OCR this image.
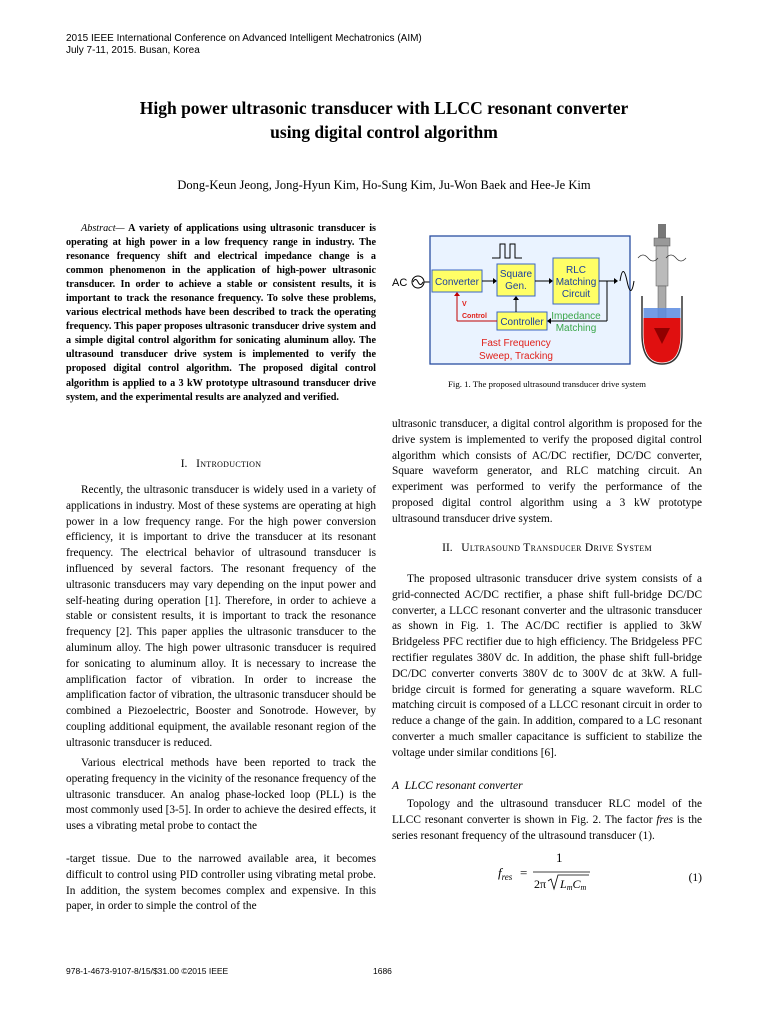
2015 IEEE International Conference on Advanced Intelligent Mechatronics (AIM)
July 7-11, 2015. Busan, Korea
High power ultrasonic transducer with LLCC resonant converter
using digital control algorithm
Dong-Keun Jeong, Jong-Hyun Kim, Ho-Sung Kim, Ju-Won Baek and Hee-Je Kim

Abstract— A variety of applications using ultrasonic transducer is operating at high power in a low frequency range in industry. The resonance frequency shift and electrical impedance change is a common phenomenon in the application of high-power ultrasonic transducer. In order to achieve a stable or consistent results, it is important to track the resonance frequency. To solve these problems, various electrical methods have been described to track the operating frequency. This paper proposes ultrasonic transducer drive system and a simple digital control algorithm for sonicating aluminum alloy. The ultrasound transducer drive system is implemented to verify the proposed digital control algorithm. The proposed digital control algorithm is applied to a 3 kW prototype ultrasound transducer drive system, and the experimental results are analyzed and verified.

I. Introduction

Recently, the ultrasonic transducer is widely used in a variety of applications in industry. Most of these systems are operating at high power in a low frequency range. For the high power conversion efficiency, it is important to drive the transducer at its resonant frequency. The electrical behavior of ultrasound transducer is influenced by several factors. The resonant frequency of the ultrasonic transducers may vary depending on the input power and self-heating during operation [1]. Therefore, in order to achieve a stable or consistent results, it is important to track the resonance frequency [2]. This paper applies the ultrasonic transducer to the aluminum alloy. The high power ultrasonic transducer is required for sonicating to aluminum alloy. It is necessary to increase the amplification factor of vibration. In order to increase the amplification factor of vibration, the ultrasonic transducer should be combined a Piezoelectric, Booster and Sonotrode. However, by coupling additional equipment, the available resonant region of the ultrasonic transducer is reduced.

Various electrical methods have been reported to track the operating frequency in the vicinity of the resonance frequency of the ultrasonic transducer. An analog phase-locked loop (PLL) is the most commonly used [3-5]. In order to achieve the desired effects, it uses a vibrating metal probe to contact the

-target tissue. Due to the narrowed available area, it becomes difficult to control using PID controller using vibrating metal probe. In addition, the system becomes complex and expensive. In this paper, in order to simple the control of the

AC	Converter
Square
Gen.
RLC
Matching
Circuit
Controller
V
Control	Impedance
Matching
Fast Frequency
Sweep, Tracking
Fig. 1. The proposed ultrasound transducer drive system

ultrasonic transducer, a digital control algorithm is proposed for the drive system is implemented to verify the proposed digital control algorithm which consists of AC/DC rectifier, DC/DC converter, Square waveform generator, and RLC matching circuit. An experiment was performed to verify the performance of the proposed digital control algorithm using a 3 kW prototype ultrasound transducer drive system.

II. Ultrasound Transducer Drive System

The proposed ultrasonic transducer drive system consists of a grid-connected AC/DC rectifier, a phase shift full-bridge DC/DC converter, a LLCC resonant converter and the ultrasonic transducer as shown in Fig. 1. The AC/DC rectifier is applied to 3kW Bridgeless PFC rectifier due to high efficiency. The Bridgeless PFC rectifier regulates 380V dc. In addition, the phase shift full-bridge DC/DC converter converts 380V dc to 300V dc at 3kW. A full-bridge circuit is formed for generating a square waveform. RLC matching circuit is composed of a LLCC resonant circuit in order to reduce a change of the gain. In addition, compared to a LC resonant converter a much smaller capacitance is sufficient to stabilize the voltage under similar conditions [6].

A LLCC resonant converter

Topology and the ultrasound transducer RLC model of the LLCC resonant converter is shown in Fig. 2. The factor fres is the series resonant frequency of the ultrasound transducer (1).

$f_{res}$ =
1
2π LmCm
(1)
978-1-4673-9107-8/15/$31.00 ©2015 IEEE	1686
